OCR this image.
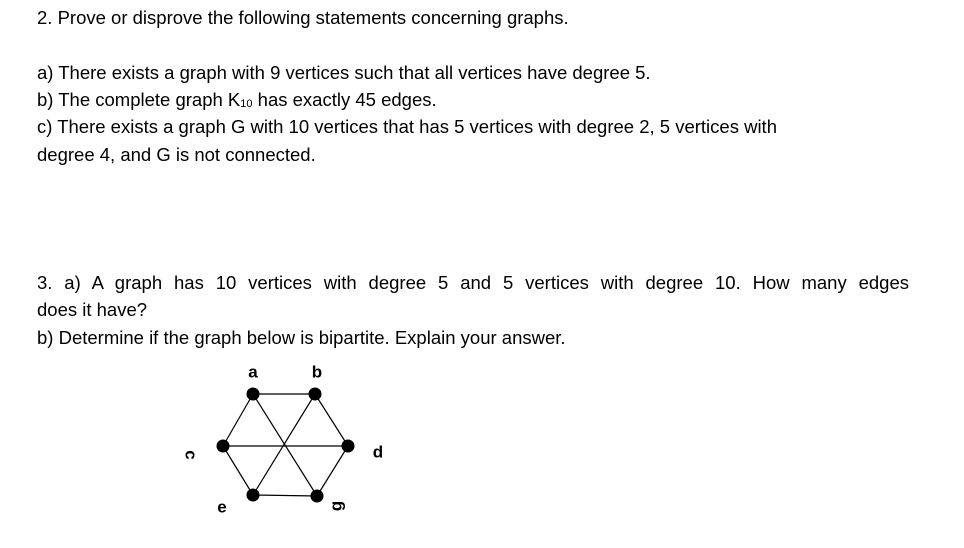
2. Prove or disprove the following statements concerning graphs.
a) There exists a graph with 9 vertices such that all vertices have degree 5.
b) The complete graph $K_{10}$ has exactly 45 edges.
c) There exists a graph G with 10 vertices that has 5 vertices with degree 2, 5 vertices with
degree 4, and G is not connected.
3. a) A graph has 10 vertices with degree 5 and 5 vertices with degree 10. How many edges
does it have?
b) Determine if the graph below is bipartite. Explain your answer.
a	b
c	d
e	g
